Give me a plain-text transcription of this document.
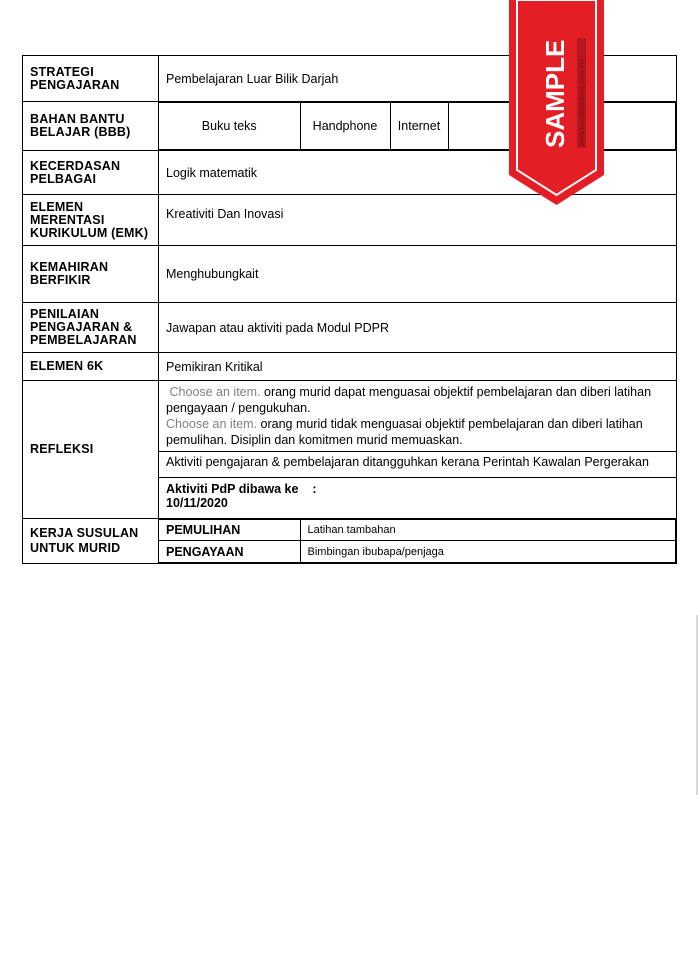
STRATEGI
PENGAJARAN	Pembelajaran Luar Bilik Darjah
BAHAN BANTU
BELAJAR (BBB)		Buku teks	Handphone	Internet	

KECERDASAN
PELBAGAI	Logik matematik
ELEMEN
MERENTASI
KURIKULUM (EMK)	Kreativiti Dan Inovasi
KEMAHIRAN
BERFIKIR	Menghubungkait
PENILAIAN
PENGAJARAN &
PEMBELAJARAN	Jawapan atau aktiviti pada Modul PDPR
ELEMEN 6K	Pemikiran Kritikal
REFLEKSI	
Choose an item. orang murid dapat menguasai objektif pembelajaran dan diberi latihan pengayaan / pengukuhan.
Choose an item. orang murid tidak menguasai objektif pembelajaran dan diberi latihan pemulihan. Disiplin dan komitmen murid memuaskan.
Aktiviti pengajaran & pembelajaran ditangguhkan kerana Perintah Kawalan Pergerakan
Aktiviti PdP dibawa ke    :
10/11/2020

KERJA SUSULAN
UNTUK MURID	
PEMULIHAN	Latihan tambahan
PENGAYAAN	Bimbingan ibubapa/penjaga
SAMPLE www.bumigemilang.com.my
